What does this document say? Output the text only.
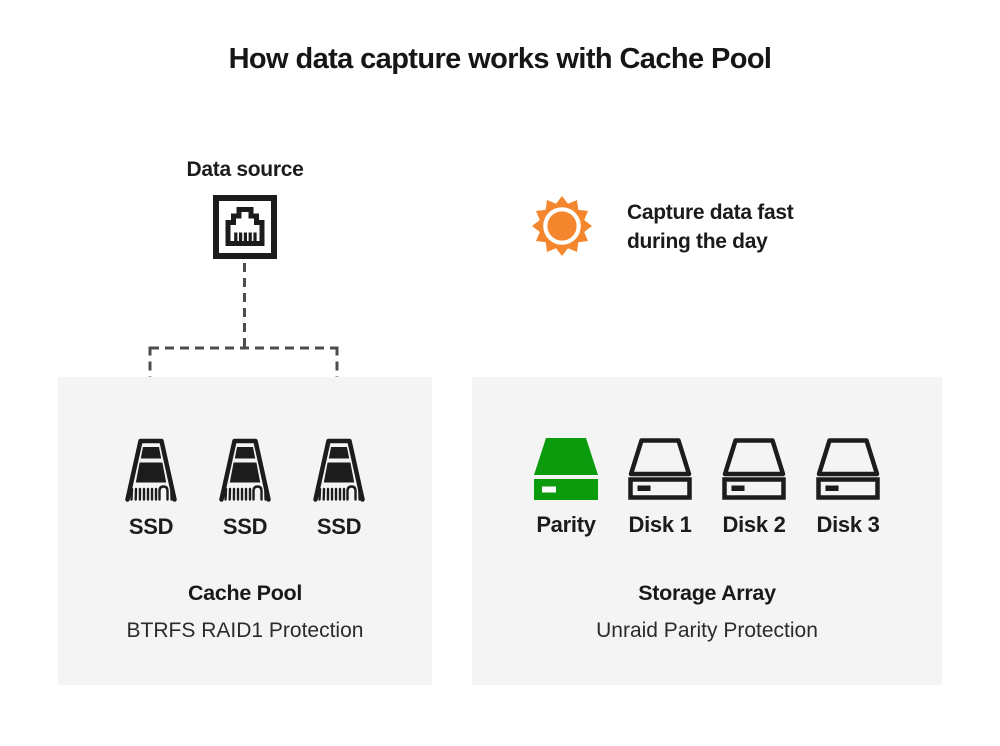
How data capture works with Cache Pool
Data source
Capture data fast
during the day
SSD	SSD	SSD
Cache Pool

BTRFS RAID1 Protection

Parity Disk 1 Disk 2 Disk 3
Storage Array

Unraid Parity Protection
